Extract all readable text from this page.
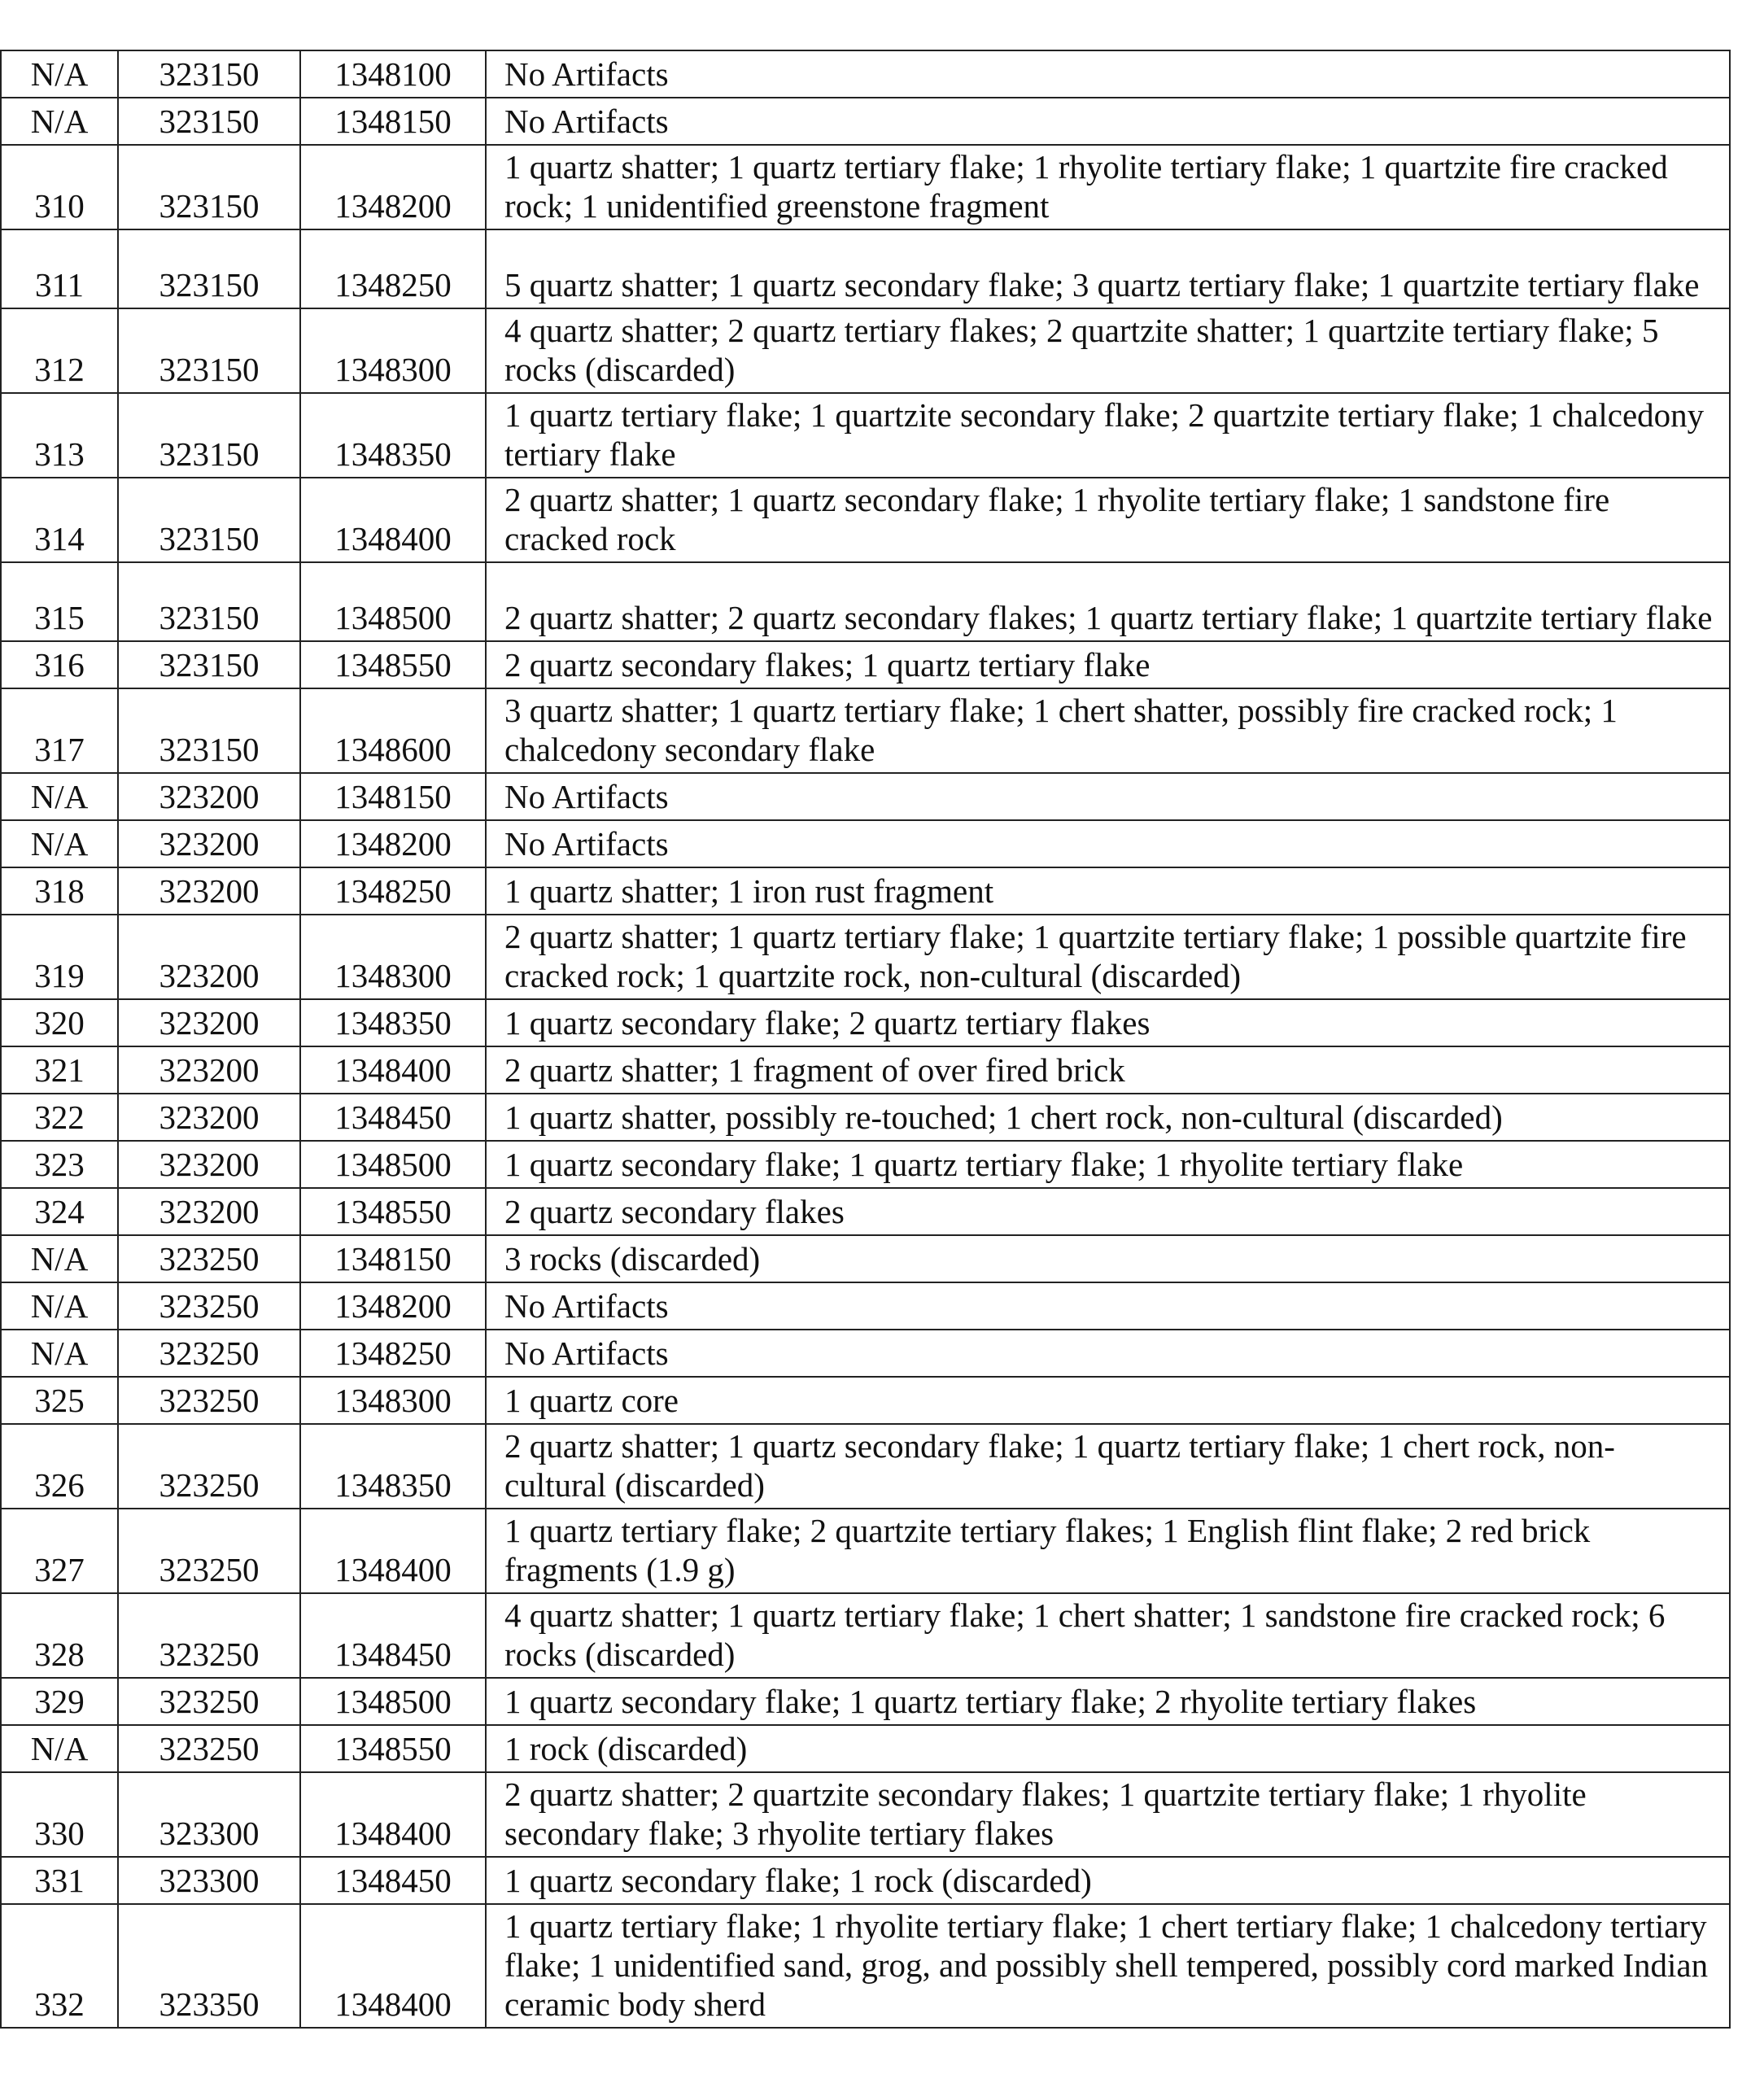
N/A	323150	1348100	No Artifacts
N/A	323150	1348150	No Artifacts
310	323150	1348200	1 quartz shatter; 1 quartz tertiary flake; 1 rhyolite tertiary flake; 1 quartzite fire cracked rock; 1 unidentified greenstone fragment
311	323150	1348250	5 quartz shatter; 1 quartz secondary flake; 3 quartz tertiary flake; 1 quartzite tertiary flake
312	323150	1348300	4 quartz shatter; 2 quartz tertiary flakes; 2 quartzite shatter; 1 quartzite tertiary flake; 5 rocks (discarded)
313	323150	1348350	1 quartz tertiary flake; 1 quartzite secondary flake; 2 quartzite tertiary flake; 1 chalcedony tertiary flake
314	323150	1348400	2 quartz shatter; 1 quartz secondary flake; 1 rhyolite tertiary flake; 1 sandstone fire cracked rock
315	323150	1348500	2 quartz shatter; 2 quartz secondary flakes; 1 quartz tertiary flake; 1 quartzite tertiary flake
316	323150	1348550	2 quartz secondary flakes; 1 quartz tertiary flake
317	323150	1348600	3 quartz shatter; 1 quartz tertiary flake; 1 chert shatter, possibly fire cracked rock; 1 chalcedony secondary flake
N/A	323200	1348150	No Artifacts
N/A	323200	1348200	No Artifacts
318	323200	1348250	1 quartz shatter; 1 iron rust fragment
319	323200	1348300	2 quartz shatter; 1 quartz tertiary flake; 1 quartzite tertiary flake; 1 possible quartzite fire cracked rock; 1 quartzite rock, non-cultural (discarded)
320	323200	1348350	1 quartz secondary flake; 2 quartz tertiary flakes
321	323200	1348400	2 quartz shatter; 1 fragment of over fired brick
322	323200	1348450	1 quartz shatter, possibly re-touched; 1 chert rock, non-cultural (discarded)
323	323200	1348500	1 quartz secondary flake; 1 quartz tertiary flake; 1 rhyolite tertiary flake
324	323200	1348550	2 quartz secondary flakes
N/A	323250	1348150	3 rocks (discarded)
N/A	323250	1348200	No Artifacts
N/A	323250	1348250	No Artifacts
325	323250	1348300	1 quartz core
326	323250	1348350	2 quartz shatter; 1 quartz secondary flake; 1 quartz tertiary flake; 1 chert rock, non-cultural (discarded)
327	323250	1348400	1 quartz tertiary flake; 2 quartzite tertiary flakes; 1 English flint flake; 2 red brick fragments (1.9 g)
328	323250	1348450	4 quartz shatter; 1 quartz tertiary flake; 1 chert shatter; 1 sandstone fire cracked rock; 6 rocks (discarded)
329	323250	1348500	1 quartz secondary flake; 1 quartz tertiary flake; 2 rhyolite tertiary flakes
N/A	323250	1348550	1 rock (discarded)
330	323300	1348400	2 quartz shatter; 2 quartzite secondary flakes; 1 quartzite tertiary flake; 1 rhyolite secondary flake; 3 rhyolite tertiary flakes
331	323300	1348450	1 quartz secondary flake; 1 rock (discarded)
332	323350	1348400	1 quartz tertiary flake; 1 rhyolite tertiary flake; 1 chert tertiary flake; 1 chalcedony tertiary flake; 1 unidentified sand, grog, and possibly shell tempered, possibly cord marked Indian ceramic body sherd
